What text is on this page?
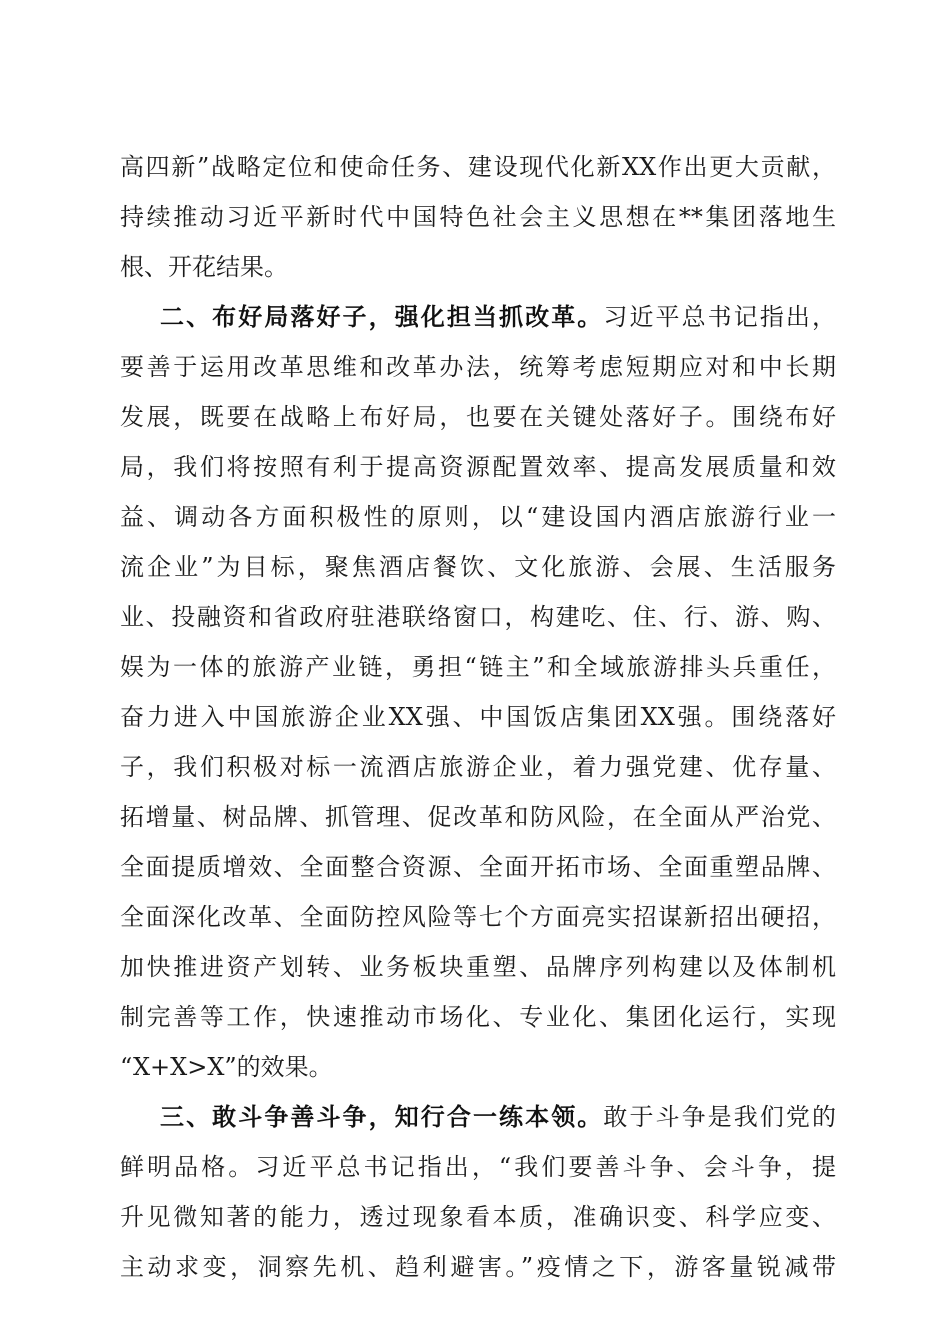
高四新”战略定位和使命任务、建设现代化新XX作出更大贡献，
持续推动习近平新时代中国特色社会主义思想在**集团落地生
根、开花结果。
二、布好局落好子，强化担当抓改革。习近平总书记指出，
要善于运用改革思维和改革办法，统筹考虑短期应对和中长期
发展，既要在战略上布好局，也要在关键处落好子。围绕布好
局，我们将按照有利于提高资源配置效率、提高发展质量和效
益、调动各方面积极性的原则，以“建设国内酒店旅游行业一
流企业”为目标，聚焦酒店餐饮、文化旅游、会展、生活服务
业、投融资和省政府驻港联络窗口，构建吃、住、行、游、购、
娱为一体的旅游产业链，勇担“链主”和全域旅游排头兵重任，
奋力进入中国旅游企业XX强、中国饭店集团XX强。围绕落好
子，我们积极对标一流酒店旅游企业，着力强党建、优存量、
拓增量、树品牌、抓管理、促改革和防风险，在全面从严治党、
全面提质增效、全面整合资源、全面开拓市场、全面重塑品牌、
全面深化改革、全面防控风险等七个方面亮实招谋新招出硬招，
加快推进资产划转、业务板块重塑、品牌序列构建以及体制机
制完善等工作，快速推动市场化、专业化、集团化运行，实现
“X+X>X”的效果。
三、敢斗争善斗争，知行合一练本领。敢于斗争是我们党的
鲜明品格。习近平总书记指出，“我们要善斗争、会斗争，提
升见微知著的能力，透过现象看本质，准确识变、科学应变、
主动求变，洞察先机、趋利避害。”疫情之下，游客量锐减带
